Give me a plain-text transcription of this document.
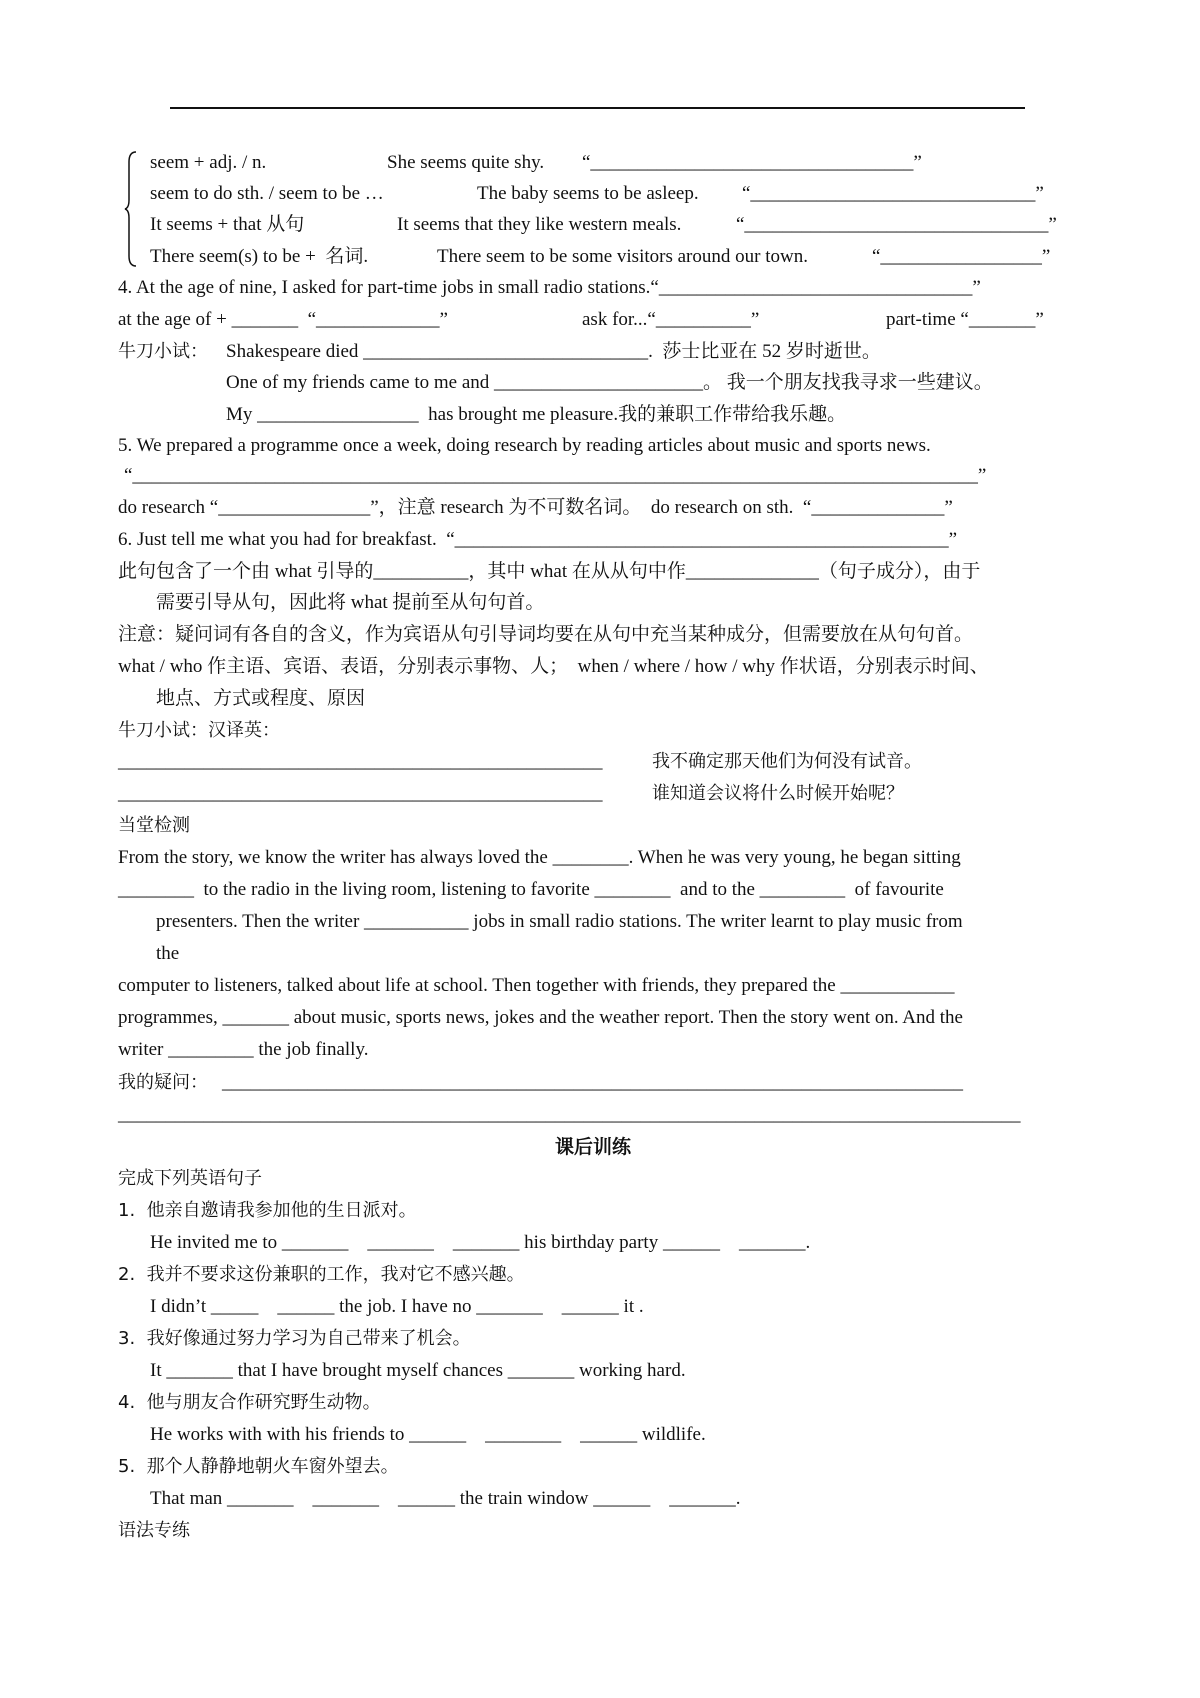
seem + adj. / n.	She seems quite shy. “__________________________________”
seem to do sth. / seem to be …	The baby seems to be asleep. “______________________________”
It seems + that 从句	It seems that they like western meals.	“________________________________”
There seem(s) to be +  名词.	There seem to be some visitors around our town.	“_________________”
4. At the age of nine, I asked for part-time jobs in small radio stations.“_________________________________”
at the age of + _______  “_____________”	ask for...“__________”	part-time “_______”
牛刀小试： Shakespeare died ______________________________.  莎士比亚在 52 岁时逝世。
One of my friends came to me and ______________________。 我一个朋友找我寻求一些建议。
My _________________  has brought me pleasure.我的兼职工作带给我乐趣。
5. We prepared a programme once a week, doing research by reading articles about music and sports news.
“_________________________________________________________________________________________”
do research “________________”，注意 research 为不可数名词。  do research on sth.  “______________”
6. Just tell me what you had for breakfast.  “____________________________________________________”
此句包含了一个由 what 引导的__________，其中 what 在从从句中作______________（句子成分），由于
需要引导从句，因此将 what 提前至从句句首。
注意：疑问词有各自的含义，作为宾语从句引导词均要在从句中充当某种成分，但需要放在从句句首。
what / who 作主语、宾语、表语，分别表示事物、人；  when / where / how / why 作状语，分别表示时间、
地点、方式或程度、原因
牛刀小试：汉译英：
___________________________________________________	我不确定那天他们为何没有试音。
___________________________________________________	谁知道会议将什么时候开始呢？
当堂检测
From the story, we know the writer has always loved the ________. When he was very young, he began sitting
________  to the radio in the living room, listening to favorite ________  and to the _________  of favourite
presenters. Then the writer ___________ jobs in small radio stations. The writer learnt to play music from
the
computer to listeners, talked about life at school. Then together with friends, they prepared the ____________
programmes, _______ about music, sports news, jokes and the weather report. Then the story went on. And the
writer _________ the job finally.
我的疑问： ______________________________________________________________________________
_______________________________________________________________________________________________
课后训练
完成下列英语句子
1.  他亲自邀请我参加他的生日派对。
He invited me to _______    _______    _______ his birthday party ______    _______.
2.  我并不要求这份兼职的工作，我对它不感兴趣。
I didn’t _____    ______ the job. I have no _______    ______ it .
3.  我好像通过努力学习为自己带来了机会。
It _______ that I have brought myself chances _______ working hard.
4.  他与朋友合作研究野生动物。
He works with with his friends to ______    ________    ______ wildlife.
5.  那个人静静地朝火车窗外望去。
That man _______    _______    ______ the train window ______    _______.
语法专练
